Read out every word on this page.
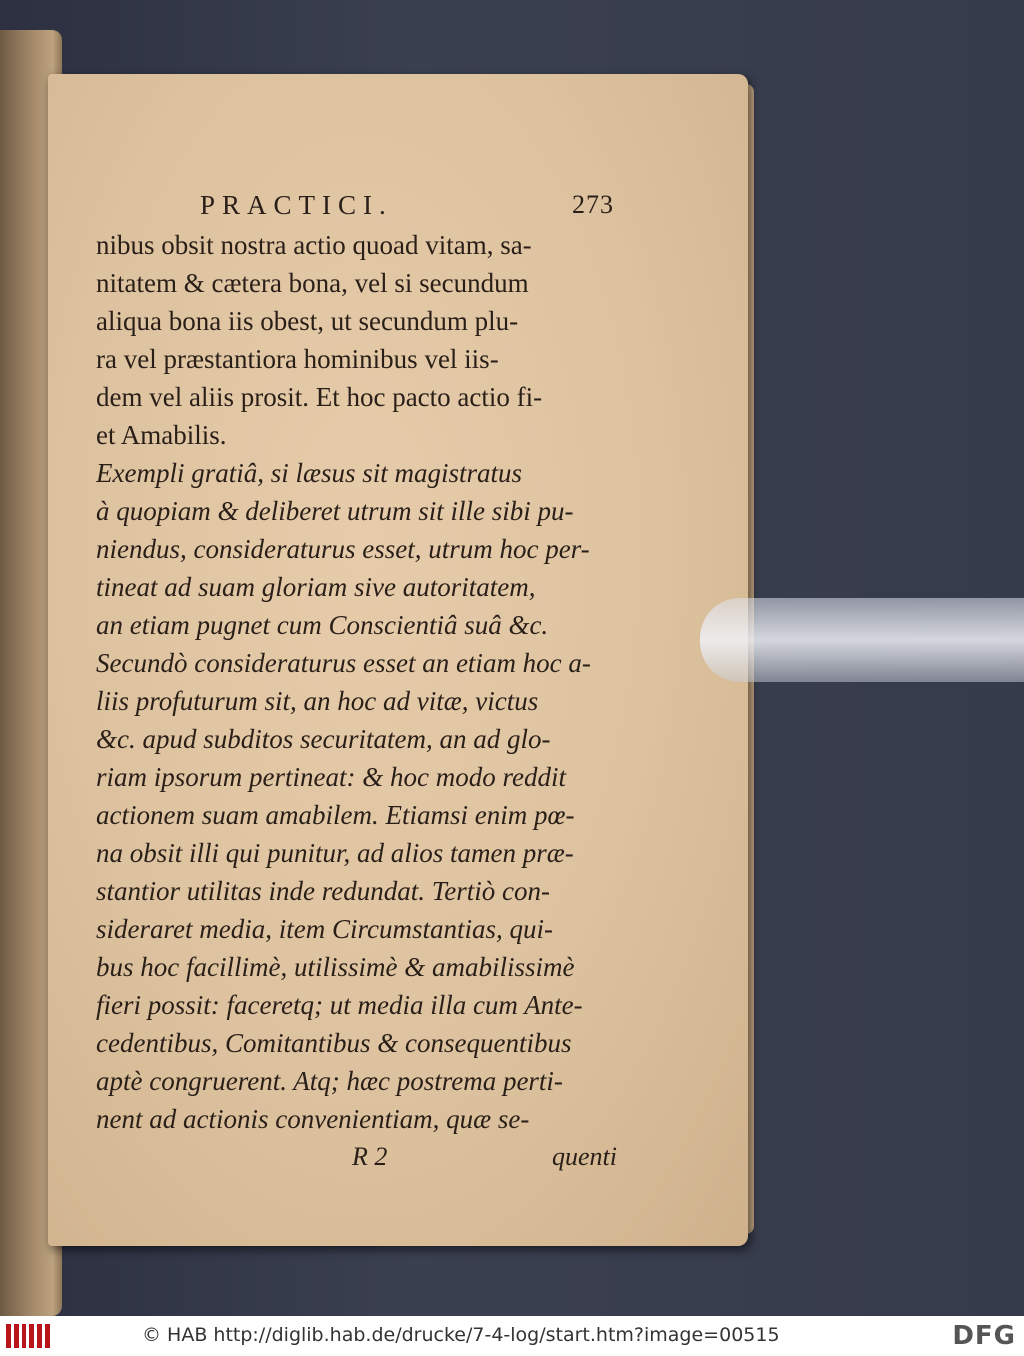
PRACTICI.	273
nibus obsit nostra actio quoad vitam, sa-
nitatem & cætera bona, vel si secundum
aliqua bona iis obest, ut secundum plu-
ra vel præstantiora hominibus vel iis-
dem vel aliis prosit. Et hoc pacto actio fi-
et Amabilis.
Exempli gratiâ, si læsus sit magistratus
à quopiam & deliberet utrum sit ille sibi pu-
niendus, consideraturus esset, utrum hoc per-
tineat ad suam gloriam sive autoritatem,
an etiam pugnet cum Conscientiâ suâ &c.
Secundò consideraturus esset an etiam hoc a-
liis profuturum sit, an hoc ad vitæ, victus
&c. apud subditos securitatem, an ad glo-
riam ipsorum pertineat: & hoc modo reddit
actionem suam amabilem. Etiamsi enim pœ-
na obsit illi qui punitur, ad alios tamen præ-
stantior utilitas inde redundat. Tertiò con-
sideraret media, item Circumstantias, qui-
bus hoc facillimè, utilissimè & amabilissimè
fieri possit: faceretq; ut media illa cum Ante-
cedentibus, Comitantibus & consequentibus
aptè congruerent. Atq; hæc postrema perti-
nent ad actionis convenientiam, quæ se-
R 2	quenti
© HAB http://diglib.hab.de/drucke/7-4-log/start.htm?image=00515	DFG
